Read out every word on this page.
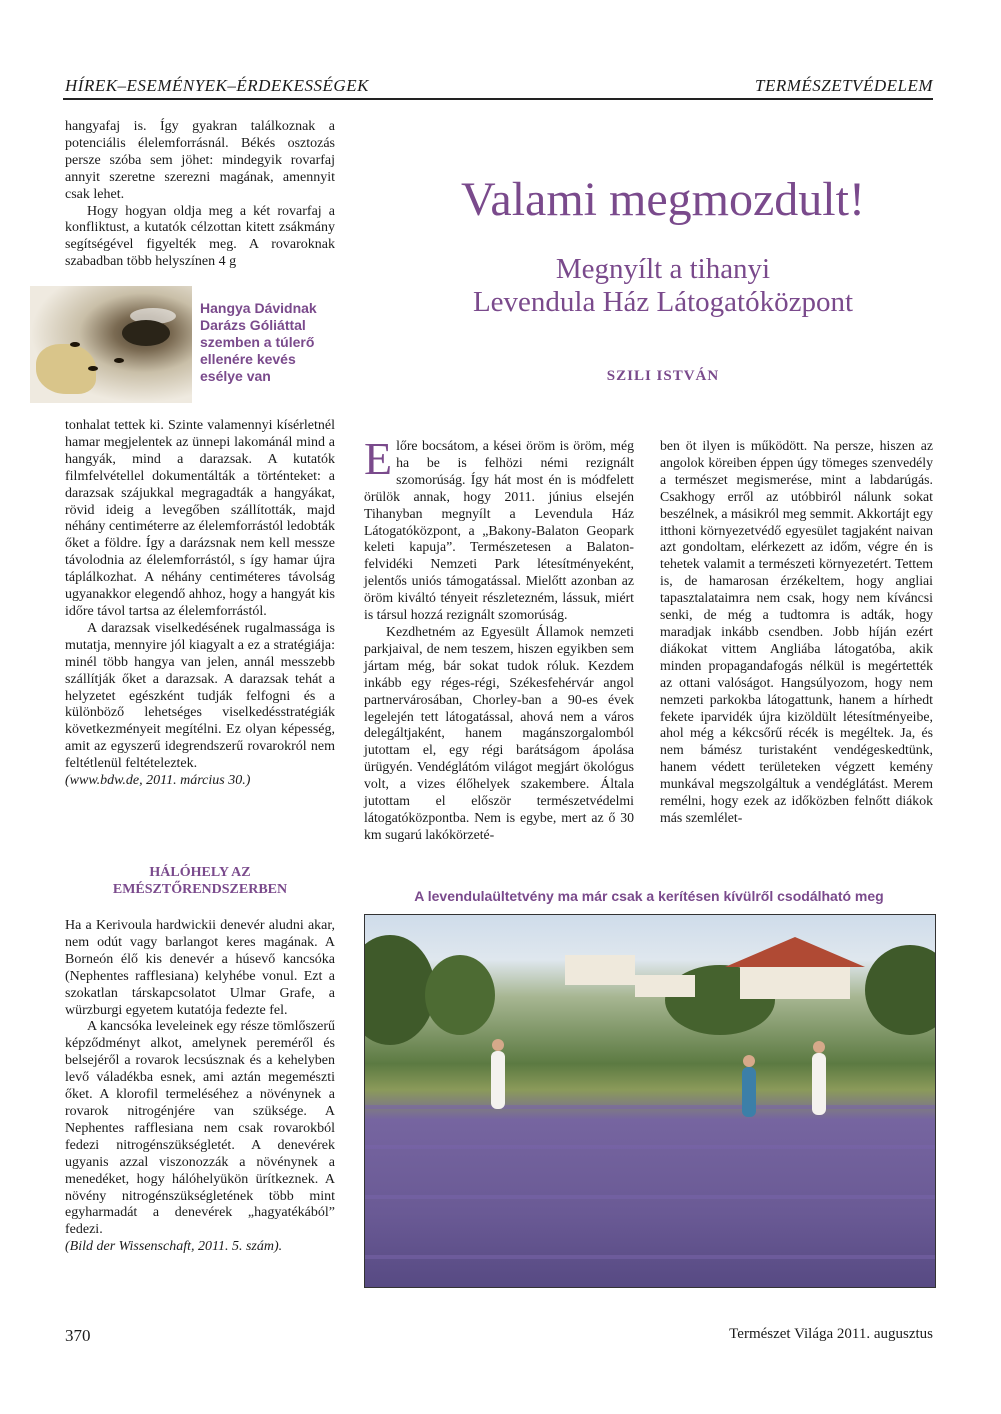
HÍREK–ESEMÉNYEK–ÉRDEKESSÉGEK	TERMÉSZETVÉDELEM

hangyafaj is. Így gyakran találkoznak a potenciális élelemforrásnál. Békés osztozás persze szóba sem jöhet: mindegyik rovarfaj annyit szeretne szerezni magának, amennyit csak lehet.

Hogy hogyan oldja meg a két rovarfaj a konfliktust, a kutatók célzottan kitett zsákmány segítségével figyelték meg. A rovaroknak szabadban több helyszínen 4 g

Hangya Dávidnak Darázs Góliáttal szemben a túlerő ellenére kevés esélye van

tonhalat tettek ki. Szinte valamennyi kísérletnél hamar megjelentek az ünnepi lakománál mind a hangyák, mind a darazsak. A kutatók filmfelvétellel dokumentálták a történteket: a darazsak szájukkal megragadták a hangyákat, rövid ideig a levegőben szállították, majd néhány centiméterre az élelemforrástól ledobták őket a földre. Így a darázsnak nem kell messze távolodnia az élelemforrástól, s így hamar újra táplálkozhat. A néhány centiméteres távolság ugyanakkor elegendő ahhoz, hogy a hangyát kis időre távol tartsa az élelemforrástól.

A darazsak viselkedésének rugalmassága is mutatja, mennyire jól kiagyalt a ez a stratégiája: minél több hangya van jelen, annál messzebb szállítják őket a darazsak. A darazsak tehát a helyzetet egészként tudják felfogni és a különböző lehetséges viselkedésstratégiák következményeit megítélni. Ez olyan képesség, amit az egyszerű idegrendszerű rovarokról nem feltétlenül feltételeztek.

(www.bdw.de, 2011. március 30.)

HÁLÓHELY AZ EMÉSZTŐRENDSZERBEN

Ha a Kerivoula hardwickii denevér aludni akar, nem odút vagy barlangot keres magának. A Borneón élő kis denevér a húsevő kancsóka (Nephentes rafflesiana) kelyhébe vonul. Ezt a szokatlan társkapcsolatot Ulmar Grafe, a würzburgi egyetem kutatója fedezte fel.

A kancsóka leveleinek egy része tömlőszerű képződményt alkot, amelynek pereméről és belsejéről a rovarok lecsúsznak és a kehelyben levő váladékba esnek, ami aztán megemészti őket. A klorofil termeléséhez a növénynek a rovarok nitrogénjére van szüksége. A Nephentes rafflesiana nem csak rovarokból fedezi nitrogénszükségletét. A denevérek ugyanis azzal viszonozzák a növénynek a menedéket, hogy hálóhelyükön ürítkeznek. A növény nitrogénszükségletének több mint egyharmadát a denevérek „hagyatékából” fedezi.

(Bild der Wissenschaft, 2011. 5. szám).

Valami megmozdult!
Megnyílt a tihanyi
Levendula Ház Látogatóközpont
SZILI ISTVÁN

Előre bocsátom, a kései öröm is öröm, még ha be is felhözi némi rezignált szomorúság. Így hát most én is módfelett örülök annak, hogy 2011. június elsején Tihanyban megnyílt a Levendula Ház Látogatóközpont, a „Bakony-Balaton Geopark keleti kapuja”. Természetesen a Balaton-felvidéki Nemzeti Park létesítményeként, jelentős uniós támogatással. Mielőtt azonban az öröm kiváltó tényeit részletezném, lássuk, miért is társul hozzá rezignált szomorúság.

Kezdhetném az Egyesült Államok nemzeti parkjaival, de nem teszem, hiszen egyikben sem jártam még, bár sokat tudok róluk. Kezdem inkább egy réges-régi, Székesfehérvár angol partnervárosában, Chorley-ban a 90-es évek legelején tett látogatással, ahová nem a város delegáltjaként, hanem magánszorgalomból jutottam el, egy régi barátságom ápolása ürügyén. Vendéglátóm világot megjárt ökológus volt, a vizes élőhelyek szakembere. Általa jutottam el először természetvédelmi látogatóközpontba. Nem is egybe, mert az ő 30 km sugarú lakókörzeté-

ben öt ilyen is működött. Na persze, hiszen az angolok köreiben éppen úgy tömeges szenvedély a természet megismerése, mint a labdarúgás. Csakhogy erről az utóbbiról nálunk sokat beszélnek, a másikról meg semmit. Akkortájt egy itthoni környezetvédő egyesület tagjaként naivan azt gondoltam, elérkezett az időm, végre én is tehetek valamit a természeti környezetért. Tettem is, de hamarosan érzékeltem, hogy angliai tapasztalataimra nem csak, hogy nem kíváncsi senki, de még a tudtomra is adták, hogy maradjak inkább csendben. Jobb híján ezért diákokat vittem Angliába látogatóba, akik minden propagandafogás nélkül is megértették az ottani valóságot. Hangsúlyozom, hogy nem nemzeti parkokba látogattunk, hanem a hírhedt fekete iparvidék újra kizöldült létesítményeibe, ahol még a kékcsőrű récék is megéltek. Ja, és nem bámész turistaként vendégeskedtünk, hanem védett területeken végzett kemény munkával megszolgáltuk a vendéglátást. Merem remélni, hogy ezek az időközben felnőtt diákok más szemlélet-

A levendulaültetvény ma már csak a kerítésen kívülről csodálható meg
370	Természet Világa 2011. augusztus
